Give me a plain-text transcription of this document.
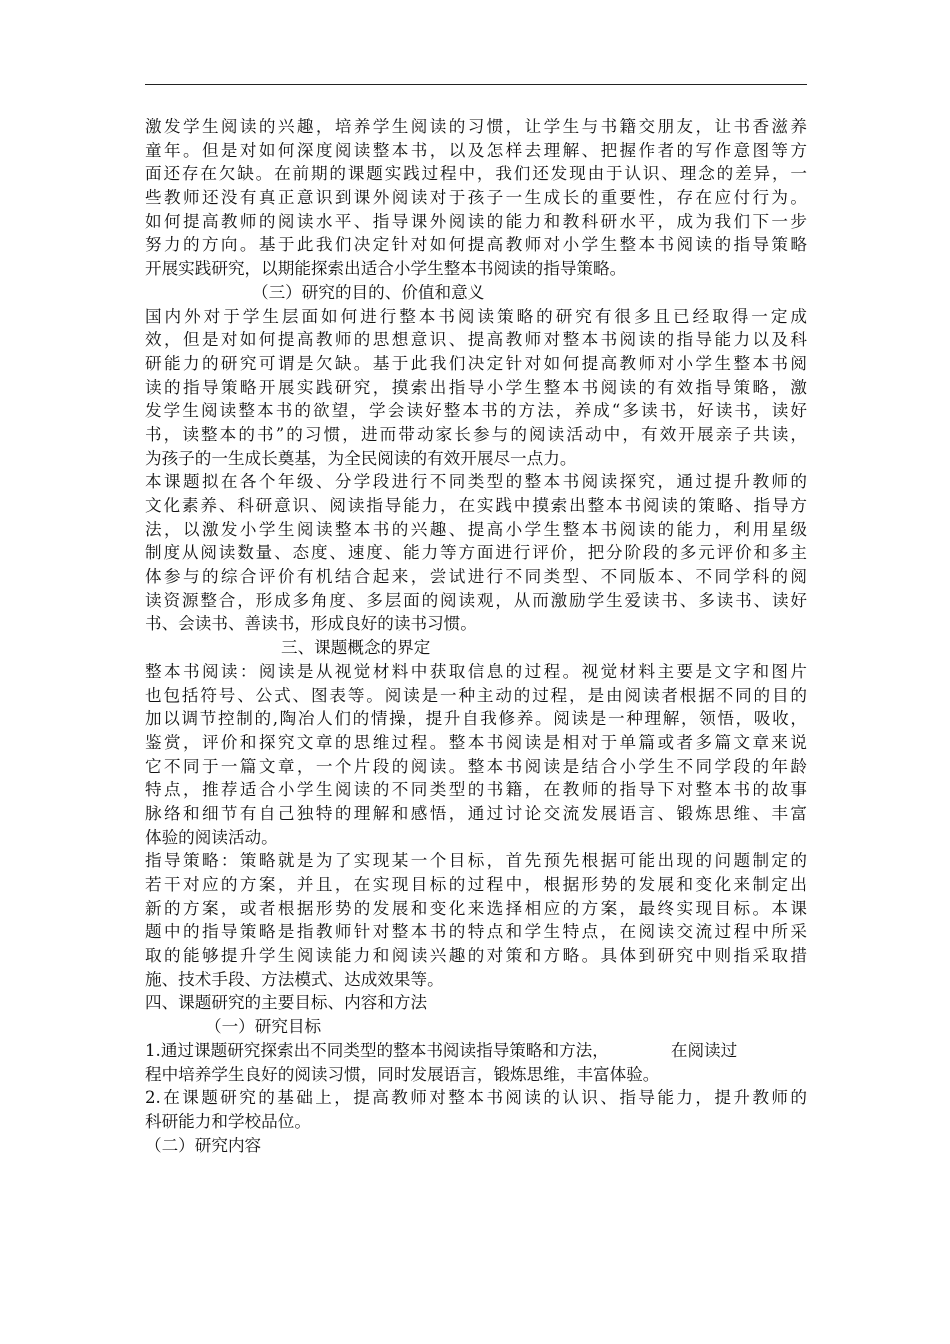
激发学生阅读的兴趣，培养学生阅读的习惯，让学生与书籍交朋友，让书香滋养
童年。但是对如何深度阅读整本书，以及怎样去理解、把握作者的写作意图等方
面还存在欠缺。在前期的课题实践过程中，我们还发现由于认识、理念的差异，一
些教师还没有真正意识到课外阅读对于孩子一生成长的重要性，存在应付行为。
如何提高教师的阅读水平、指导课外阅读的能力和教科研水平，成为我们下一步
努力的方向。基于此我们决定针对如何提高教师对小学生整本书阅读的指导策略
开展实践研究，以期能探索出适合小学生整本书阅读的指导策略。
（三）研究的目的、价值和意义
国内外对于学生层面如何进行整本书阅读策略的研究有很多且已经取得一定成
效，但是对如何提高教师的思想意识、提高教师对整本书阅读的指导能力以及科
研能力的研究可谓是欠缺。基于此我们决定针对如何提高教师对小学生整本书阅
读的指导策略开展实践研究，摸索出指导小学生整本书阅读的有效指导策略，激
发学生阅读整本书的欲望，学会读好整本书的方法，养成“多读书，好读书，读好
书，读整本的书”的习惯，进而带动家长参与的阅读活动中，有效开展亲子共读，
为孩子的一生成长奠基，为全民阅读的有效开展尽一点力。
本课题拟在各个年级、分学段进行不同类型的整本书阅读探究，通过提升教师的
文化素养、科研意识、阅读指导能力，在实践中摸索出整本书阅读的策略、指导方
法，以激发小学生阅读整本书的兴趣、提高小学生整本书阅读的能力，利用星级
制度从阅读数量、态度、速度、能力等方面进行评价，把分阶段的多元评价和多主
体参与的综合评价有机结合起来，尝试进行不同类型、不同版本、不同学科的阅
读资源整合，形成多角度、多层面的阅读观，从而激励学生爱读书、多读书、读好
书、会读书、善读书，形成良好的读书习惯。
三、课题概念的界定
整本书阅读：阅读是从视觉材料中获取信息的过程。视觉材料主要是文字和图片
也包括符号、公式、图表等。阅读是一种主动的过程，是由阅读者根据不同的目的
加以调节控制的,陶冶人们的情操，提升自我修养。阅读是一种理解，领悟，吸收，
鉴赏，评价和探究文章的思维过程。整本书阅读是相对于单篇或者多篇文章来说
它不同于一篇文章，一个片段的阅读。整本书阅读是结合小学生不同学段的年龄
特点，推荐适合小学生阅读的不同类型的书籍，在教师的指导下对整本书的故事
脉络和细节有自己独特的理解和感悟，通过讨论交流发展语言、锻炼思维、丰富
体验的阅读活动。
指导策略：策略就是为了实现某一个目标，首先预先根据可能出现的问题制定的
若干对应的方案，并且，在实现目标的过程中，根据形势的发展和变化来制定出
新的方案，或者根据形势的发展和变化来选择相应的方案，最终实现目标。本课
题中的指导策略是指教师针对整本书的特点和学生特点，在阅读交流过程中所采
取的能够提升学生阅读能力和阅读兴趣的对策和方略。具体到研究中则指采取措
施、技术手段、方法模式、达成效果等。
四、课题研究的主要目标、内容和方法
（一）研究目标
1.通过课题研究探索出不同类型的整本书阅读指导策略和方法，	在阅读过
程中培养学生良好的阅读习惯，同时发展语言，锻炼思维，丰富体验。
2.在课题研究的基础上，提高教师对整本书阅读的认识、指导能力，提升教师的
科研能力和学校品位。
（二）研究内容
